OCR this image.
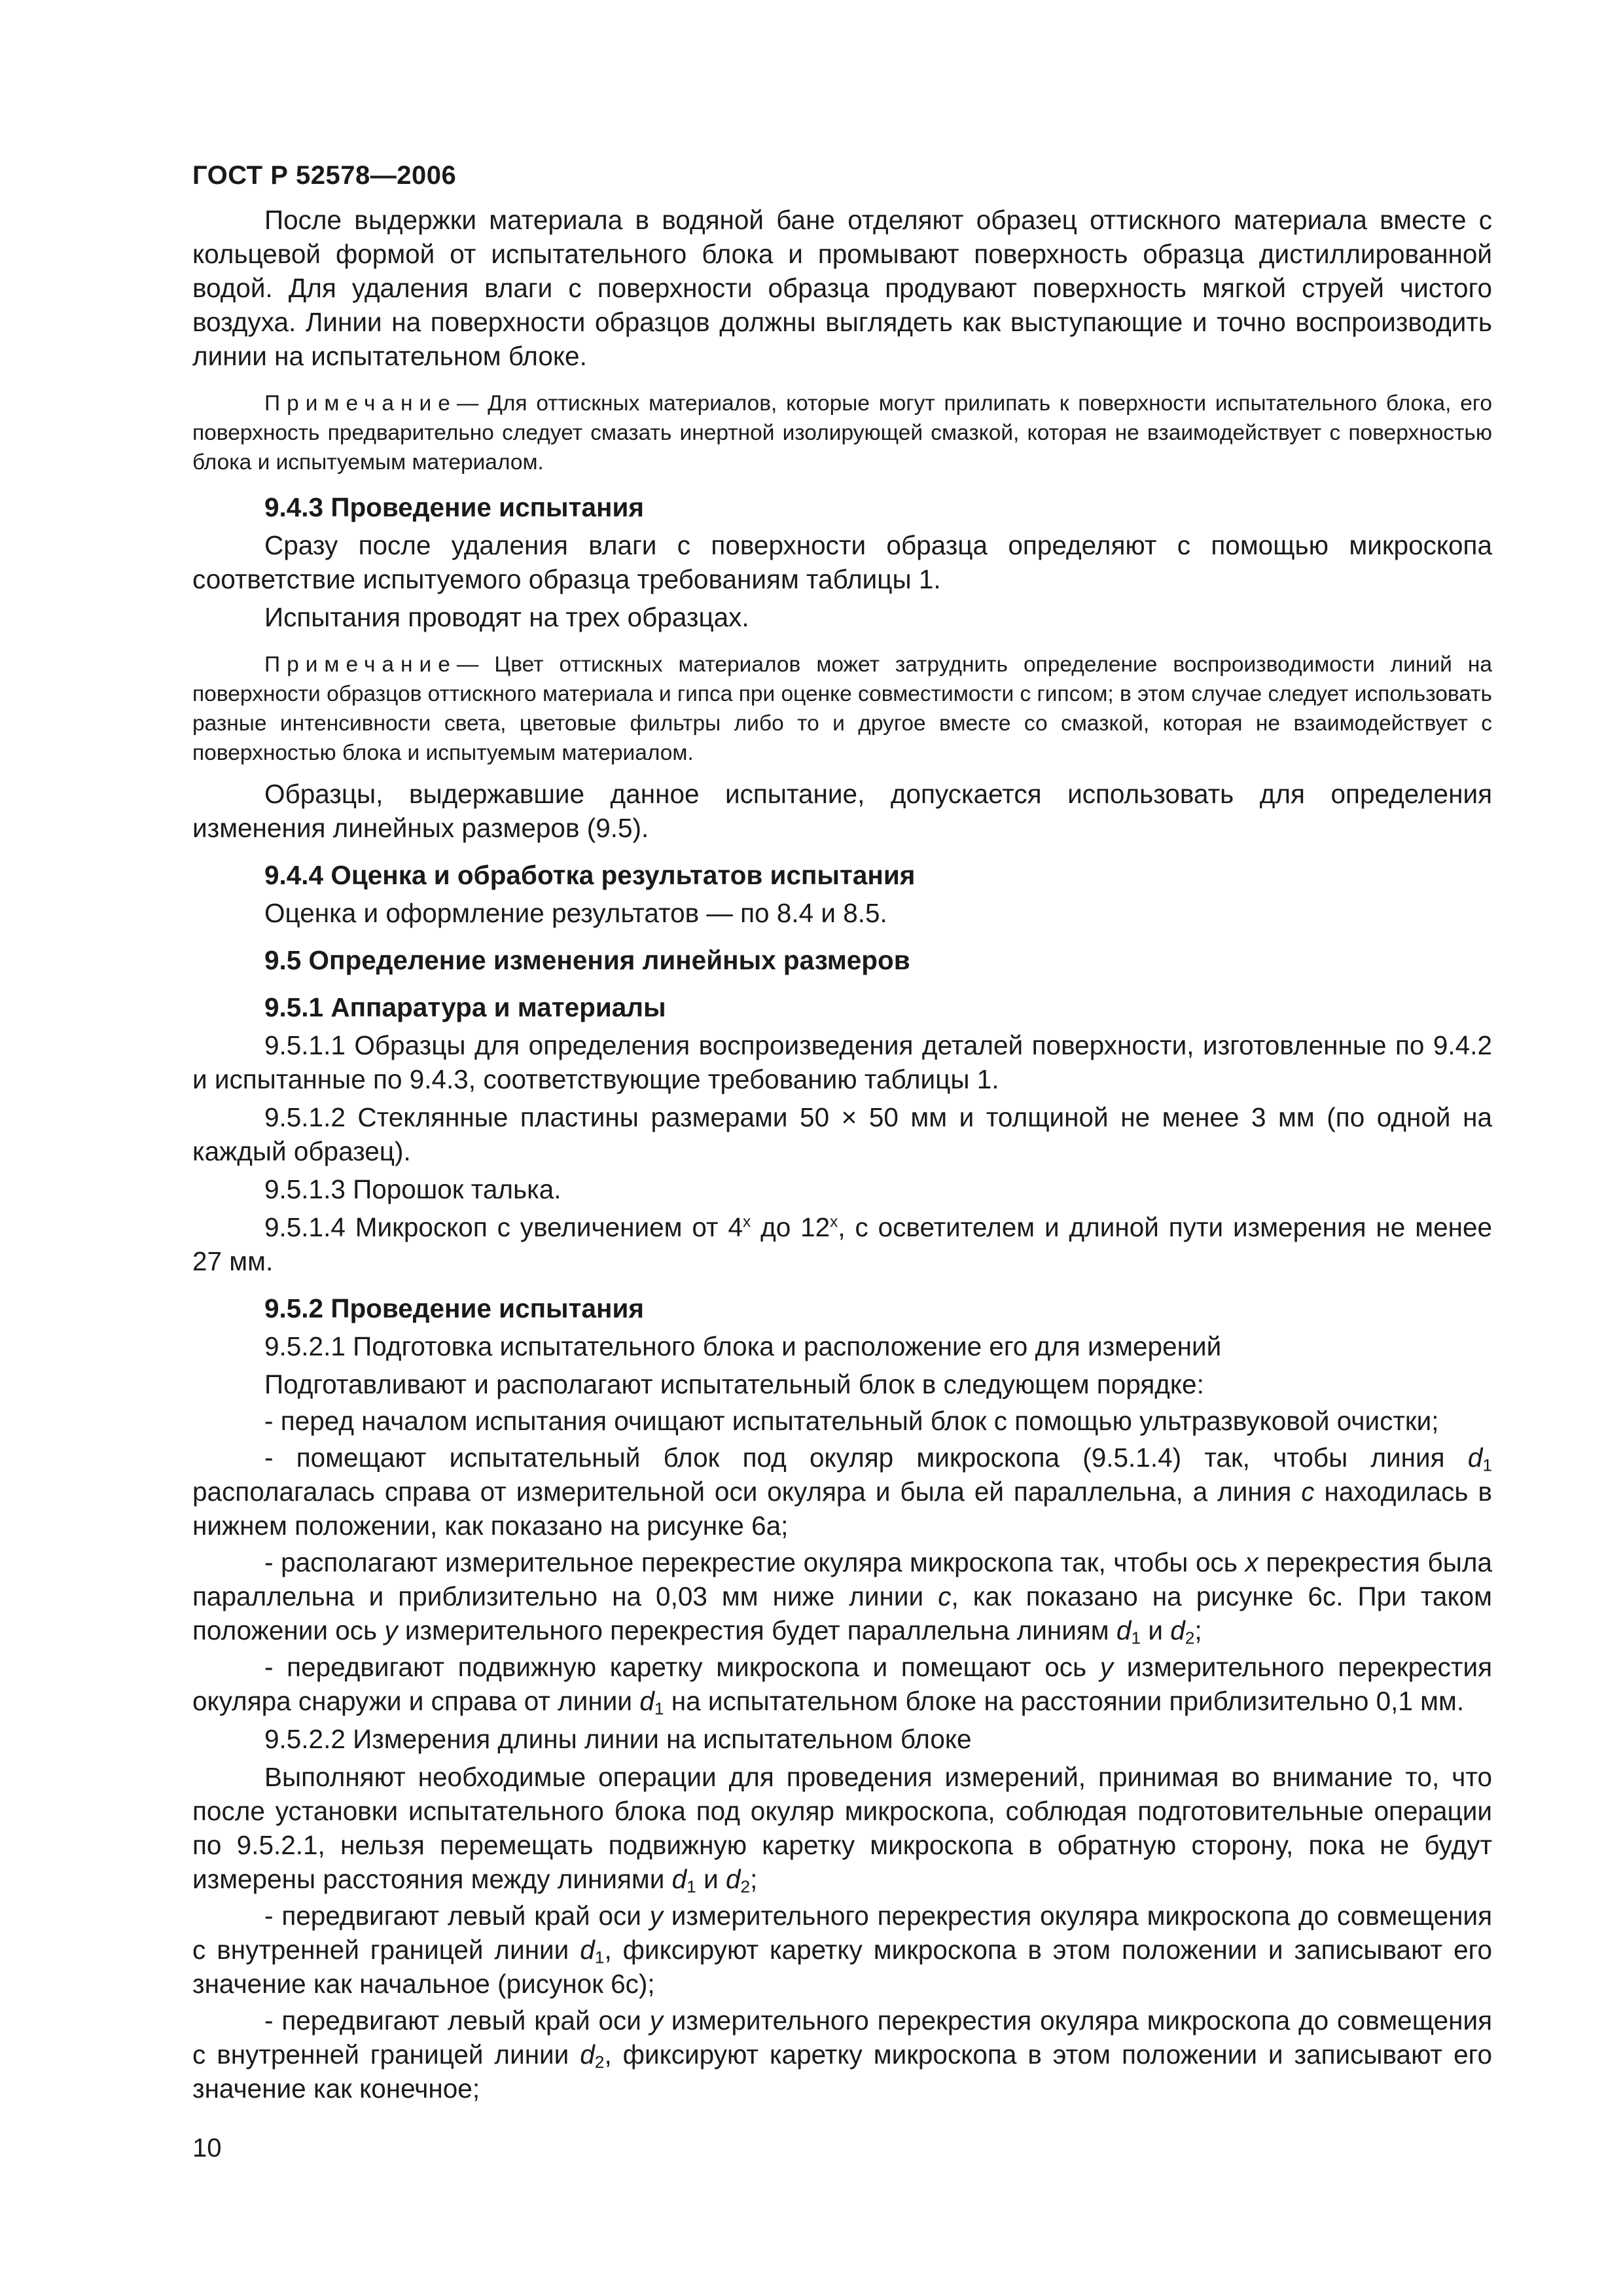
ГОСТ Р 52578—2006

После выдержки материала в водяной бане отделяют образец оттискного материала вместе с кольцевой формой от испытательного блока и промывают поверхность образца дистиллированной водой. Для удаления влаги с поверхности образца продувают поверхность мягкой струей чистого воздуха. Линии на поверхности образцов должны выглядеть как выступающие и точно воспроизводить линии на испытательном блоке.

Примечание— Для оттискных материалов, которые могут прилипать к поверхности испытательного блока, его поверхность предварительно следует смазать инертной изолирующей смазкой, которая не взаимодействует с поверхностью блока и испытуемым материалом.

9.4.3 Проведение испытания

Сразу после удаления влаги с поверхности образца определяют с помощью микроскопа соответствие испытуемого образца требованиям таблицы 1.

Испытания проводят на трех образцах.

Примечание— Цвет оттискных материалов может затруднить определение воспроизводимости линий на поверхности образцов оттискного материала и гипса при оценке совместимости с гипсом; в этом случае следует использовать разные интенсивности света, цветовые фильтры либо то и другое вместе со смазкой, которая не взаимодействует с поверхностью блока и испытуемым материалом.

Образцы, выдержавшие данное испытание, допускается использовать для определения изменения линейных размеров (9.5).

9.4.4 Оценка и обработка результатов испытания

Оценка и оформление результатов — по 8.4 и 8.5.

9.5 Определение изменения линейных размеров

9.5.1 Аппаратура и материалы

9.5.1.1 Образцы для определения воспроизведения деталей поверхности, изготовленные по 9.4.2 и испытанные по 9.4.3, соответствующие требованию таблицы 1.

9.5.1.2 Стеклянные пластины размерами 50 × 50 мм и толщиной не менее 3 мм (по одной на каждый образец).

9.5.1.3 Порошок талька.

9.5.1.4 Микроскоп с увеличением от $4^х$ до $12^х$, с осветителем и длиной пути измерения не менее 27 мм.

9.5.2 Проведение испытания

9.5.2.1 Подготовка испытательного блока и расположение его для измерений

Подготавливают и располагают испытательный блок в следующем порядке:

- перед началом испытания очищают испытательный блок с помощью ультразвуковой очистки;

- помещают испытательный блок под окуляр микроскопа (9.5.1.4) так, чтобы линия $d_1$ располагалась справа от измерительной оси окуляра и была ей параллельна, а линия c находилась в нижнем положении, как показано на рисунке 6а;

- располагают измерительное перекрестие окуляра микроскопа так, чтобы ось x перекрестия была параллельна и приблизительно на 0,03 мм ниже линии c, как показано на рисунке 6с. При таком положении ось y измерительного перекрестия будет параллельна линиям $d_1$ и $d_2$;

- передвигают подвижную каретку микроскопа и помещают ось y измерительного перекрестия окуляра снаружи и справа от линии $d_1$ на испытательном блоке на расстоянии приблизительно 0,1 мм.

9.5.2.2 Измерения длины линии на испытательном блоке

Выполняют необходимые операции для проведения измерений, принимая во внимание то, что после установки испытательного блока под окуляр микроскопа, соблюдая подготовительные операции по 9.5.2.1, нельзя перемещать подвижную каретку микроскопа в обратную сторону, пока не будут измерены расстояния между линиями $d_1$ и $d_2$;

- передвигают левый край оси y измерительного перекрестия окуляра микроскопа до совмещения с внутренней границей линии $d_1$, фиксируют каретку микроскопа в этом положении и записывают его значение как начальное (рисунок 6с);

- передвигают левый край оси y измерительного перекрестия окуляра микроскопа до совмещения с внутренней границей линии $d_2$, фиксируют каретку микроскопа в этом положении и записывают его значение как конечное;

10
